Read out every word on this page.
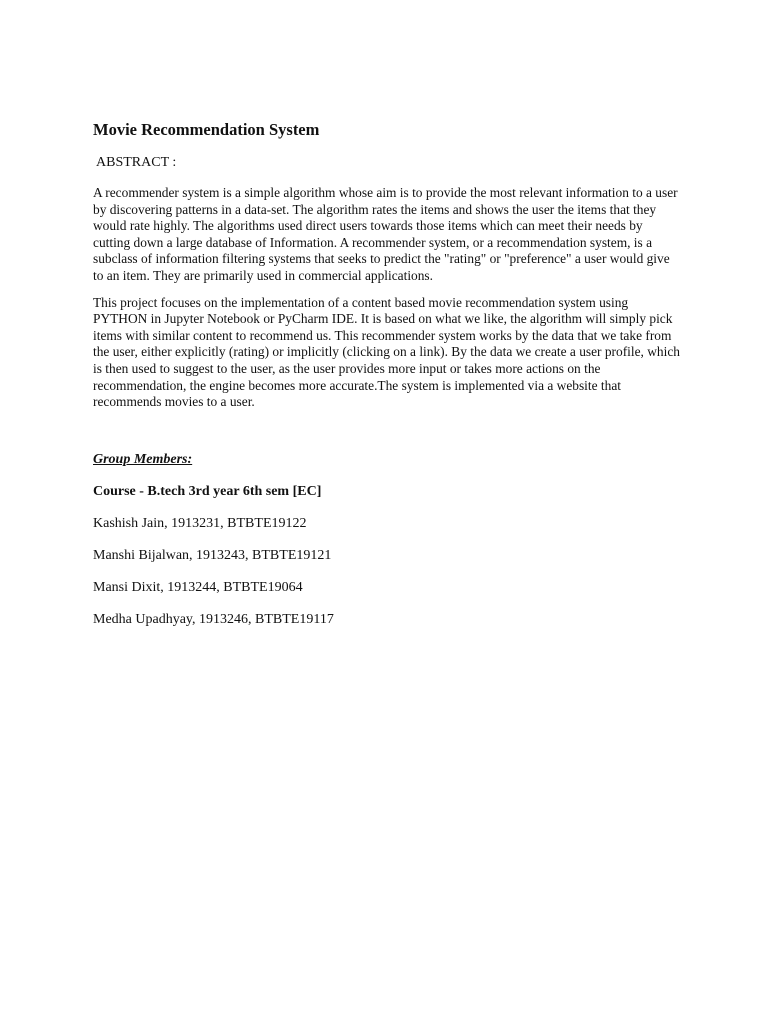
Movie Recommendation System
ABSTRACT :

A recommender system is a simple algorithm whose aim is to provide the most relevant information to a user by discovering patterns in a data-set. The algorithm rates the items and shows the user the items that they would rate highly. The algorithms used direct users towards those items which can meet their needs by cutting down a large database of Information. A recommender system, or a recommendation system, is a subclass of information filtering systems that seeks to predict the "rating" or "preference" a user would give to an item. They are primarily used in commercial applications.

This project focuses on the implementation of a content based movie recommendation system using PYTHON in Jupyter Notebook or PyCharm IDE. It is based on what we like, the algorithm will simply pick items with similar content to recommend us. This recommender system works by the data that we take from the user, either explicitly (rating) or implicitly (clicking on a link). By the data we create a user profile, which is then used to suggest to the user, as the user provides more input or takes more actions on the recommendation, the engine becomes more accurate.The system is implemented via a website that recommends movies to a user.

Group Members:
Course - B.tech 3rd year 6th sem [EC]
Kashish Jain, 1913231, BTBTE19122
Manshi Bijalwan, 1913243, BTBTE19121
Mansi Dixit, 1913244, BTBTE19064
Medha Upadhyay, 1913246, BTBTE19117
